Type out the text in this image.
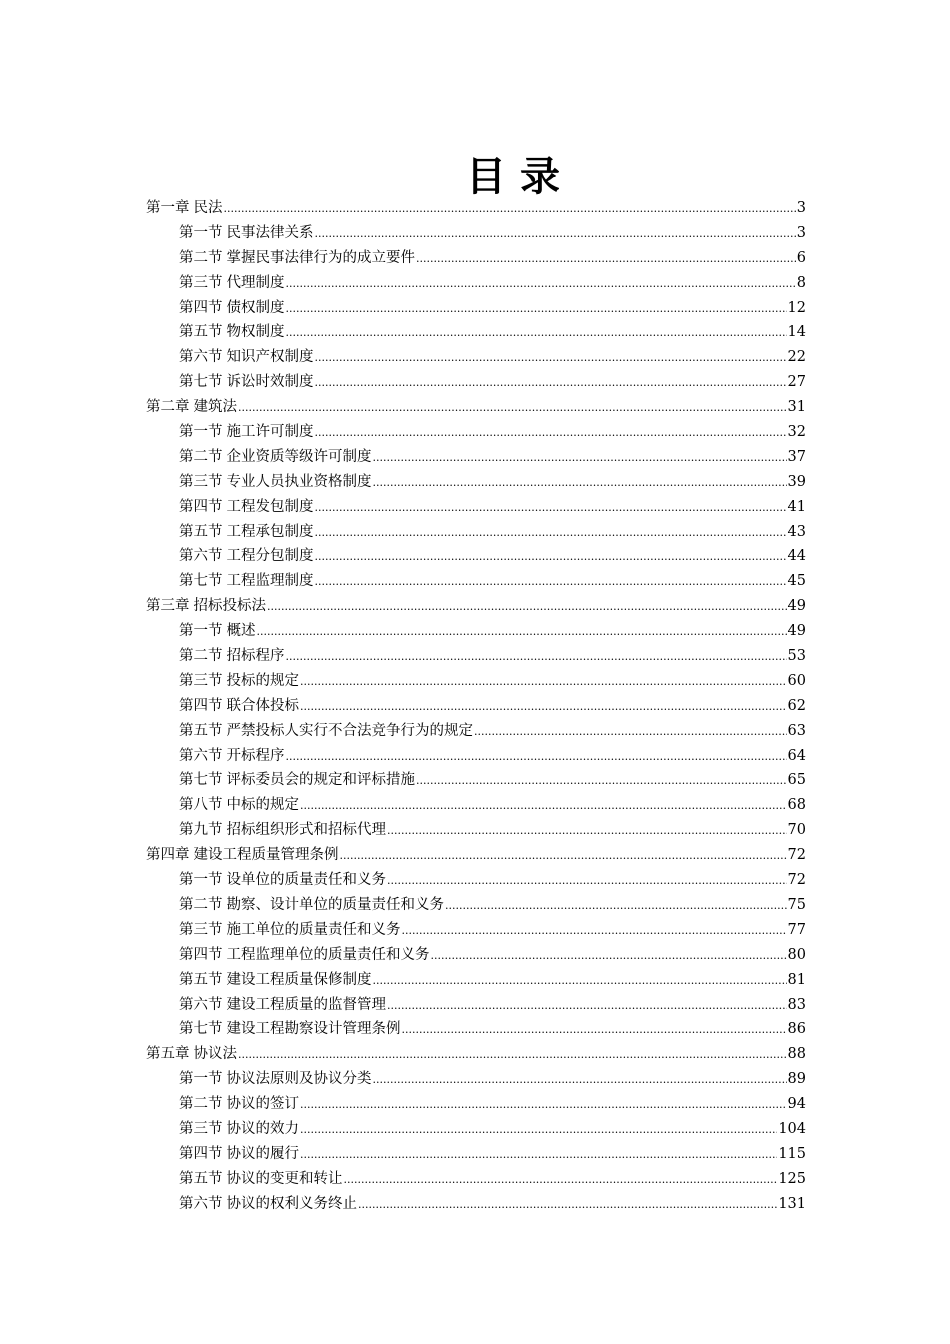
目录
第一章 民法 .....	3
第一节 民事法律关系 .....	3
第二节 掌握民事法律行为的成立要件 .....	6
第三节 代理制度 .....	8
第四节 债权制度 .....	12
第五节 物权制度 .....	14
第六节 知识产权制度 .....	22
第七节 诉讼时效制度 .....	27
第二章 建筑法 .....	31
第一节 施工许可制度 .....	32
第二节 企业资质等级许可制度 .....	37
第三节 专业人员执业资格制度 .....	39
第四节 工程发包制度 .....	41
第五节 工程承包制度 .....	43
第六节 工程分包制度 .....	44
第七节 工程监理制度 .....	45
第三章 招标投标法 .....	49
第一节 概述 .....	49
第二节 招标程序 .....	53
第三节 投标的规定 .....	60
第四节 联合体投标 .....	62
第五节 严禁投标人实行不合法竞争行为的规定 .....	63
第六节 开标程序 .....	64
第七节 评标委员会的规定和评标措施 .....	65
第八节 中标的规定 .....	68
第九节 招标组织形式和招标代理 .....	70
第四章 建设工程质量管理条例 .....	72
第一节 设单位的质量责任和义务 .....	72
第二节 勘察、设计单位的质量责任和义务 .....	75
第三节 施工单位的质量责任和义务 .....	77
第四节 工程监理单位的质量责任和义务 .....	80
第五节 建设工程质量保修制度 .....	81
第六节 建设工程质量的监督管理 .....	83
第七节 建设工程勘察设计管理条例 .....	86
第五章 协议法 .....	88
第一节 协议法原则及协议分类 .....	89
第二节 协议的签订 .....	94
第三节 协议的效力 .....	104
第四节 协议的履行 .....	115
第五节 协议的变更和转让 .....	125
第六节 协议的权利义务终止 .....	131
